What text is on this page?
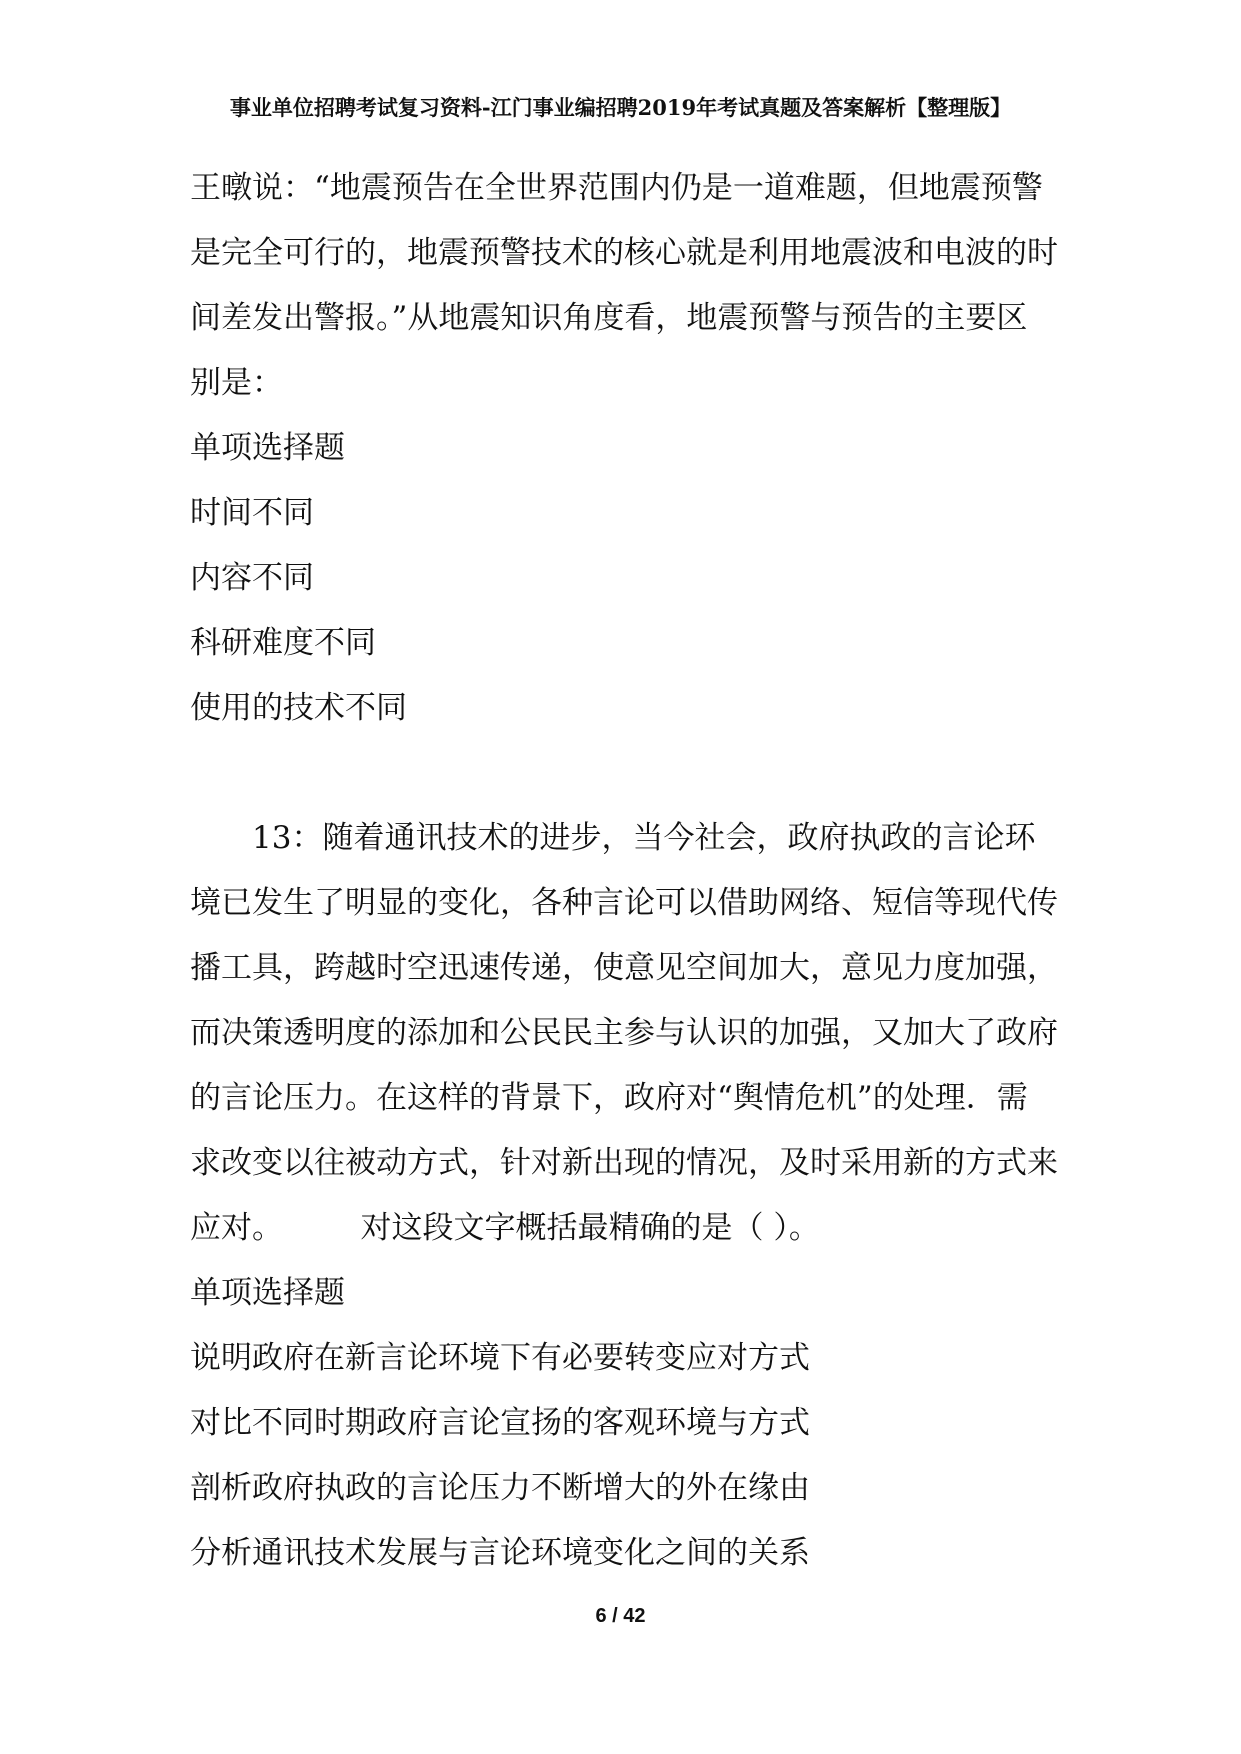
事业单位招聘考试复习资料-江门事业编招聘2019年考试真题及答案解析【整理版】
王暾说：“地震预告在全世界范围内仍是一道难题，但地震预警
是完全可行的，地震预警技术的核心就是利用地震波和电波的时
间差发出警报。”从地震知识角度看，地震预警与预告的主要区
别是：
单项选择题
时间不同
内容不同
科研难度不同
使用的技术不同
13：随着通讯技术的进步，当今社会，政府执政的言论环
境已发生了明显的变化，各种言论可以借助网络、短信等现代传
播工具，跨越时空迅速传递，使意见空间加大，意见力度加强，
而决策透明度的添加和公民民主参与认识的加强，又加大了政府
的言论压力。在这样的背景下，政府对“舆情危机”的处理．需
求改变以往被动方式，针对新出现的情况，及时采用新的方式来
应对。　　　对这段文字概括最精确的是（ ）。
单项选择题
说明政府在新言论环境下有必要转变应对方式
对比不同时期政府言论宣扬的客观环境与方式
剖析政府执政的言论压力不断增大的外在缘由
分析通讯技术发展与言论环境变化之间的关系
6 / 42
